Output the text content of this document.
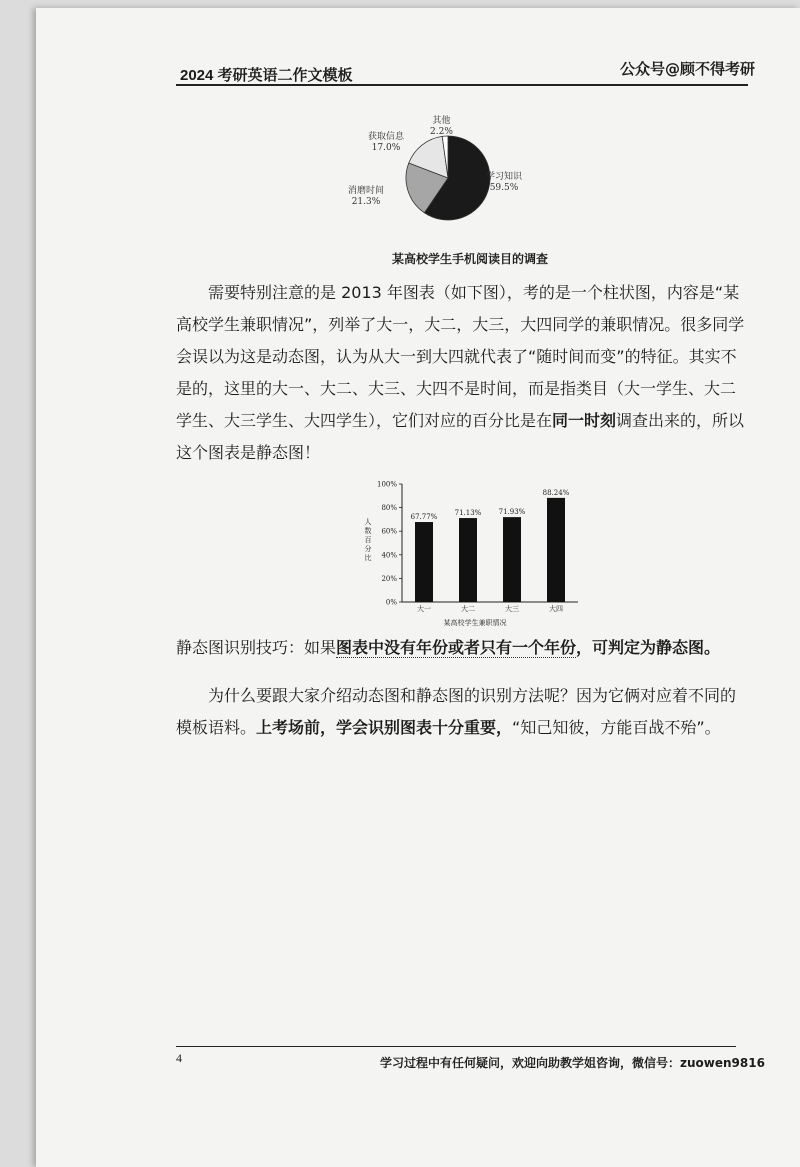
2024 考研英语二作文模板	公众号@顾不得考研
其他
2.2%
获取信息
17.0%
消磨时间
21.3%
学习知识
59.5%
某高校学生手机阅读目的调查

需要特别注意的是 2013 年图表（如下图），考的是一个柱状图，内容是“某高校学生兼职情况”，列举了大一，大二，大三，大四同学的兼职情况。很多同学会误以为这是动态图，认为从大一到大四就代表了“随时间而变”的特征。其实不是的，这里的大一、大二、大三、大四不是时间，而是指类目（大一学生、大二学生、大三学生、大四学生），它们对应的百分比是在同一时刻调查出来的，所以这个图表是静态图！

0%
20%
40%
60%
80%
100%
人
数
百
分
比
67.77%
大一
71.13%
大二
71.93%
大三
88.24%
大四
某高校学生兼职情况

静态图识别技巧：如果图表中没有年份或者只有一个年份，可判定为静态图。

为什么要跟大家介绍动态图和静态图的识别方法呢？因为它俩对应着不同的模板语料。上考场前，学会识别图表十分重要，“知己知彼，方能百战不殆”。

4	学习过程中有任何疑问，欢迎向助教学姐咨询，微信号：zuowen9816
